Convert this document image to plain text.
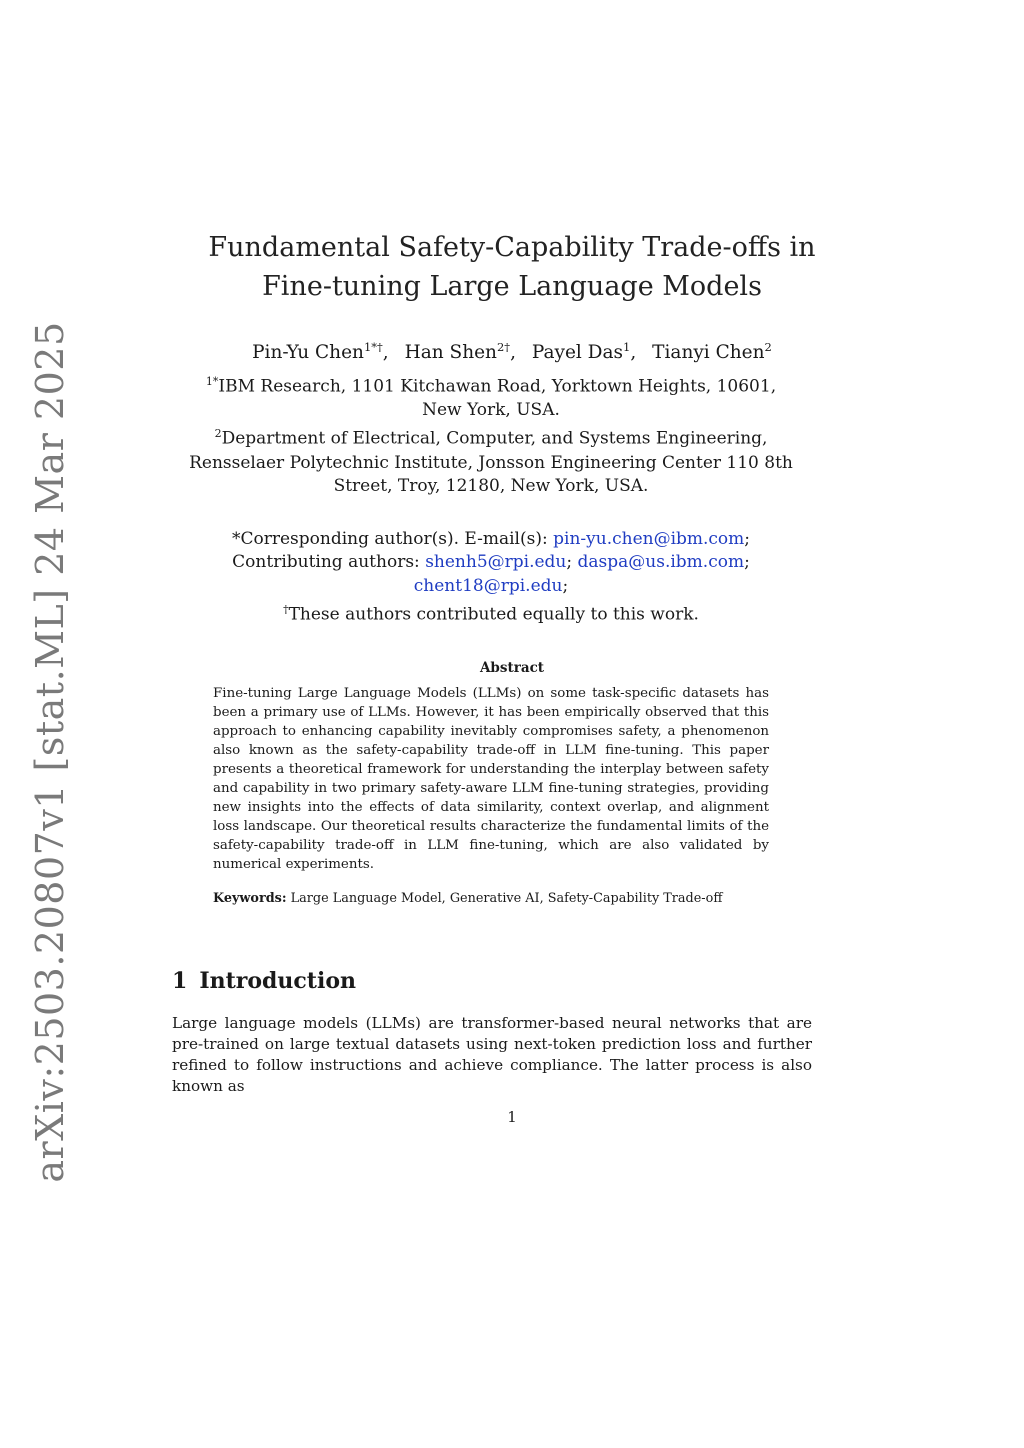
arXiv:2503.20807v1 [stat.ML] 24 Mar 2025
Fundamental Safety-Capability Trade-offs in
Fine-tuning Large Language Models
Pin-Yu Chen$^{1*\dagger}$, Han Shen$^{2\dagger}$, Payel Das$^1$, Tianyi Chen$^2$
$^{1*}$IBM Research, 1101 Kitchawan Road, Yorktown Heights, 10601, New York, USA.
$^2$Department of Electrical, Computer, and Systems Engineering, Rensselaer Polytechnic Institute, Jonsson Engineering Center 110 8th Street, Troy, 12180, New York, USA.
*Corresponding author(s). E-mail(s): pin-yu.chen@ibm.com;
Contributing authors: shenh5@rpi.edu; daspa@us.ibm.com;
chent18@rpi.edu;
†These authors contributed equally to this work.
Abstract
Fine-tuning Large Language Models (LLMs) on some task-specific datasets has been a primary use of LLMs. However, it has been empirically observed that this approach to enhancing capability inevitably compromises safety, a phenomenon also known as the safety-capability trade-off in LLM fine-tuning. This paper presents a theoretical framework for understanding the interplay between safety and capability in two primary safety-aware LLM fine-tuning strategies, providing new insights into the effects of data similarity, context overlap, and alignment loss landscape. Our theoretical results characterize the fundamental limits of the safety-capability trade-off in LLM fine-tuning, which are also validated by numerical experiments.
Keywords: Large Language Model, Generative AI, Safety-Capability Trade-off
1 Introduction
Large language models (LLMs) are transformer-based neural networks that are pre-trained on large textual datasets using next-token prediction loss and further refined to follow instructions and achieve compliance. The latter process is also known as
1
